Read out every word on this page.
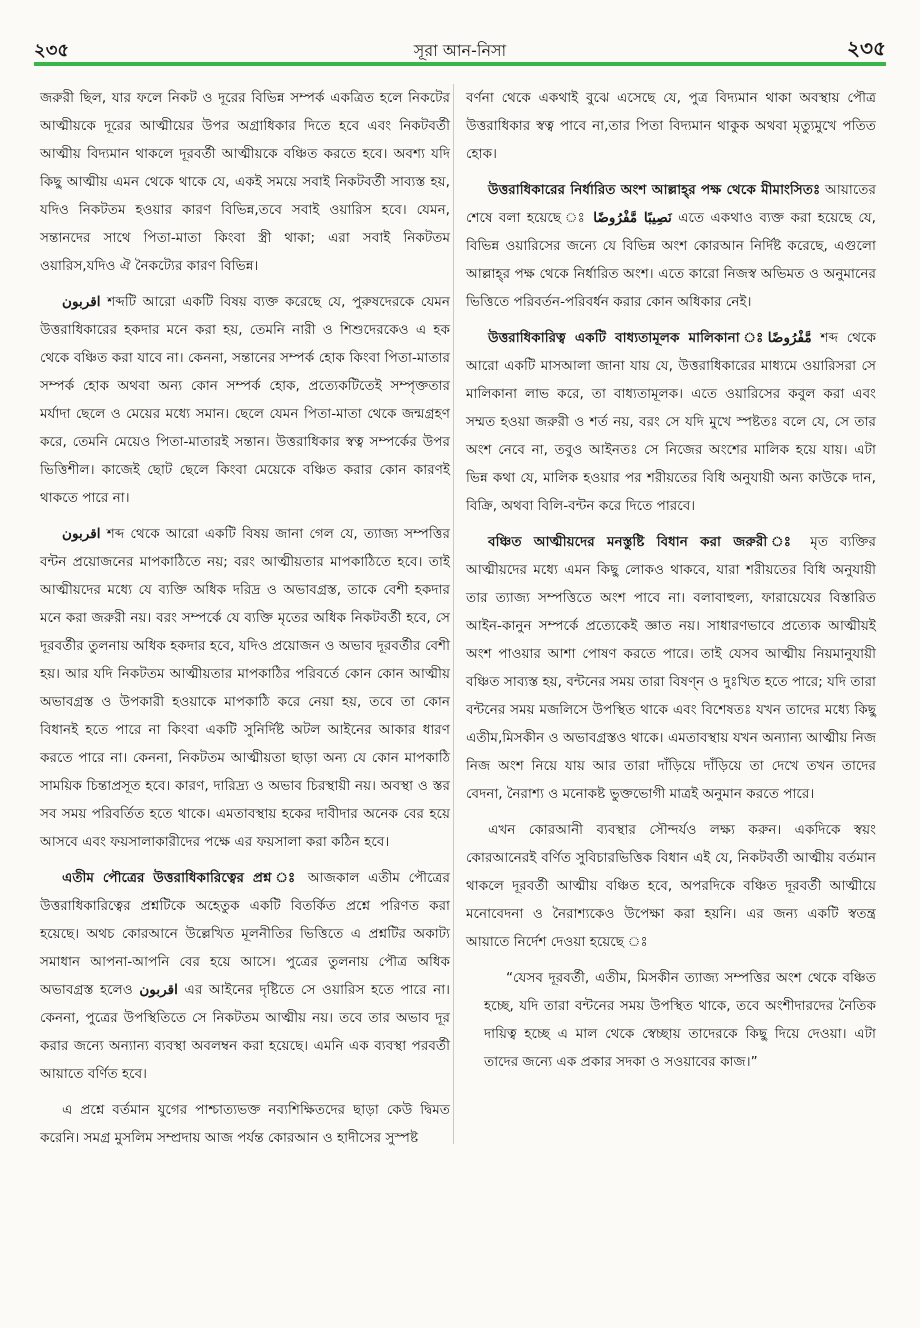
২৩৫	সূরা আন-নিসা	২৩৫

জরুরী ছিল, যার ফলে নিকট ও দূরের বিভিন্ন সম্পর্ক একত্রিত হলে নিকটের আত্মীয়কে দূরের আত্মীয়ের উপর অগ্রাধিকার দিতে হবে এবং নিকটবর্তী আত্মীয় বিদ্যমান থাকলে দূরবর্তী আত্মীয়কে বঞ্চিত করতে হবে। অবশ্য যদি কিছু আত্মীয় এমন থেকে থাকে যে, একই সময়ে সবাই নিকটবর্তী সাব্যস্ত হয়, যদিও নিকটতম হওয়ার কারণ বিভিন্ন,তবে সবাই ওয়ারিস হবে। যেমন, সন্তানদের সাথে পিতা-মাতা কিংবা স্ত্রী থাকা; এরা সবাই নিকটতম ওয়ারিস,যদিও ঐ নৈকট্যের কারণ বিভিন্ন।

اقربون শব্দটি আরো একটি বিষয় ব্যক্ত করেছে যে, পুরুষদেরকে যেমন উত্তরাধিকারের হকদার মনে করা হয়, তেমনি নারী ও শিশুদেরকেও এ হক থেকে বঞ্চিত করা যাবে না। কেননা, সন্তানের সম্পর্ক হোক কিংবা পিতা-মাতার সম্পর্ক হোক অথবা অন্য কোন সম্পর্ক হোক, প্রত্যেকটিতেই সম্পৃক্ততার মর্যাদা ছেলে ও মেয়ের মধ্যে সমান। ছেলে যেমন পিতা-মাতা থেকে জন্মগ্রহণ করে, তেমনি মেয়েও পিতা-মাতারই সন্তান। উত্তরাধিকার স্বত্ব সম্পর্কের উপর ভিত্তিশীল। কাজেই ছোট ছেলে কিংবা মেয়েকে বঞ্চিত করার কোন কারণই থাকতে পারে না।

اقربون শব্দ থেকে আরো একটি বিষয় জানা গেল যে, ত্যাজ্য সম্পত্তির বন্টন প্রয়োজনের মাপকাঠিতে নয়; বরং আত্মীয়তার মাপকাঠিতে হবে। তাই আত্মীয়দের মধ্যে যে ব্যক্তি অধিক দরিদ্র ও অভাবগ্রস্ত, তাকে বেশী হকদার মনে করা জরুরী নয়। বরং সম্পর্কে যে ব্যক্তি মৃতের অধিক নিকটবর্তী হবে, সে দূরবর্তীর তুলনায় অধিক হকদার হবে, যদিও প্রয়োজন ও অভাব দূরবর্তীর বেশী হয়। আর যদি নিকটতম আত্মীয়তার মাপকাঠির পরিবর্তে কোন কোন আত্মীয় অভাবগ্রস্ত ও উপকারী হওয়াকে মাপকাঠি করে নেয়া হয়, তবে তা কোন বিধানই হতে পারে না কিংবা একটি সুনির্দিষ্ট অটল আইনের আকার ধারণ করতে পারে না। কেননা, নিকটতম আত্মীয়তা ছাড়া অন্য যে কোন মাপকাঠি সাময়িক চিন্তাপ্রসূত হবে। কারণ, দারিদ্র্য ও অভাব চিরস্থায়ী নয়। অবস্থা ও স্তর সব সময় পরিবর্তিত হতে থাকে। এমতাবস্থায় হকের দাবীদার অনেক বের হয়ে আসবে এবং ফয়সালাকারীদের পক্ষে এর ফয়সালা করা কঠিন হবে।

এতীম পৌত্রের উত্তরাধিকারিত্বের প্রশ্ন ঃ আজকাল এতীম পৌত্রের উত্তরাধিকারিত্বের প্রশ্নটিকে অহেতুক একটি বিতর্কিত প্রশ্নে পরিণত করা হয়েছে। অথচ কোরআনে উল্লেখিত মূলনীতির ভিত্তিতে এ প্রশ্নটির অকাট্য সমাধান আপনা-আপনি বের হয়ে আসে। পুত্রের তুলনায় পৌত্র অধিক অভাবগ্রস্ত হলেও اقربون এর আইনের দৃষ্টিতে সে ওয়ারিস হতে পারে না। কেননা, পুত্রের উপস্থিতিতে সে নিকটতম আত্মীয় নয়। তবে তার অভাব দূর করার জন্যে অন্যান্য ব্যবস্থা অবলম্বন করা হয়েছে। এমনি এক ব্যবস্থা পরবর্তী আয়াতে বর্ণিত হবে।

এ প্রশ্নে বর্তমান যুগের পাশ্চাত্যভক্ত নব্যশিক্ষিতদের ছাড়া কেউ দ্বিমত করেনি। সমগ্র মুসলিম সম্প্রদায় আজ পর্যন্ত কোরআন ও হাদীসের সুস্পষ্ট

বর্ণনা থেকে একথাই বুঝে এসেছে যে, পুত্র বিদ্যমান থাকা অবস্থায় পৌত্র উত্তরাধিকার স্বত্ব পাবে না,তার পিতা বিদ্যমান থাকুক অথবা মৃত্যুমুখে পতিত হোক।

উত্তরাধিকারের নির্ধারিত অংশ আল্লাহ্‌র পক্ষ থেকে মীমাংসিতঃ আয়াতের শেষে বলা হয়েছে ঃ نَصِيبًا مَّفْرُوضًا এতে একথাও ব্যক্ত করা হয়েছে যে, বিভিন্ন ওয়ারিসের জন্যে যে বিভিন্ন অংশ কোরআন নির্দিষ্ট করেছে, এগুলো আল্লাহ্‌র পক্ষ থেকে নির্ধারিত অংশ। এতে কারো নিজস্ব অভিমত ও অনুমানের ভিত্তিতে পরিবর্তন-পরিবর্ধন করার কোন অধিকার নেই।

উত্তরাধিকারিত্ব একটি বাধ্যতামূলক মালিকানা ঃمَّفْرُوضًا শব্দ থেকে আরো একটি মাসআলা জানা যায় যে, উত্তরাধিকারের মাধ্যমে ওয়ারিসরা সে মালিকানা লাভ করে, তা বাধ্যতামূলক। এতে ওয়ারিসের কবুল করা এবং সম্মত হওয়া জরুরী ও শর্ত নয়, বরং সে যদি মুখে স্পষ্টতঃ বলে যে, সে তার অংশ নেবে না, তবুও আইনতঃ সে নিজের অংশের মালিক হয়ে যায়। এটা ভিন্ন কথা যে, মালিক হওয়ার পর শরীয়তের বিধি অনুযায়ী অন্য কাউকে দান, বিক্রি, অথবা বিলি-বন্টন করে দিতে পারবে।

বঞ্চিত আত্মীয়দের মনস্তুষ্টি বিধান করা জরুরী ঃ মৃত ব্যক্তির আত্মীয়দের মধ্যে এমন কিছু লোকও থাকবে, যারা শরীয়তের বিধি অনুযায়ী তার ত্যাজ্য সম্পত্তিতে অংশ পাবে না। বলাবাহুল্য, ফারায়েযের বিস্তারিত আইন-কানুন সম্পর্কে প্রত্যেকেই জ্ঞাত নয়। সাধারণভাবে প্রত্যেক আত্মীয়ই অংশ পাওয়ার আশা পোষণ করতে পারে। তাই যেসব আত্মীয় নিয়মানুযায়ী বঞ্চিত সাব্যস্ত হয়, বন্টনের সময় তারা বিষণ্ন ও দুঃখিত হতে পারে; যদি তারা বন্টনের সময় মজলিসে উপস্থিত থাকে এবং বিশেষতঃ যখন তাদের মধ্যে কিছু এতীম,মিসকীন ও অভাবগ্রস্তও থাকে। এমতাবস্থায় যখন অন্যান্য আত্মীয় নিজ নিজ অংশ নিয়ে যায় আর তারা দাঁড়িয়ে দাঁড়িয়ে তা দেখে তখন তাদের বেদনা, নৈরাশ্য ও মনোকষ্ট ভুক্তভোগী মাত্রই অনুমান করতে পারে।

এখন কোরআনী ব্যবস্থার সৌন্দর্যও লক্ষ্য করুন। একদিকে স্বয়ং কোরআনেরই বর্ণিত সুবিচারভিত্তিক বিধান এই যে, নিকটবর্তী আত্মীয় বর্তমান থাকলে দূরবর্তী আত্মীয় বঞ্চিত হবে, অপরদিকে বঞ্চিত দূরবর্তী আত্মীয়ে মনোবেদনা ও নৈরাশ্যকেও উপেক্ষা করা হয়নি। এর জন্য একটি স্বতন্ত্র আয়াতে নির্দেশ দেওয়া হয়েছে ঃ

“যেসব দূরবর্তী, এতীম, মিসকীন ত্যাজ্য সম্পত্তির অংশ থেকে বঞ্চিত হচ্ছে, যদি তারা বন্টনের সময় উপস্থিত থাকে, তবে অংশীদারদের নৈতিক দায়িত্ব হচ্ছে এ মাল থেকে স্বেচ্ছায় তাদেরকে কিছু দিয়ে দেওয়া। এটা তাদের জন্যে এক প্রকার সদকা ও সওয়াবের কাজ।”
